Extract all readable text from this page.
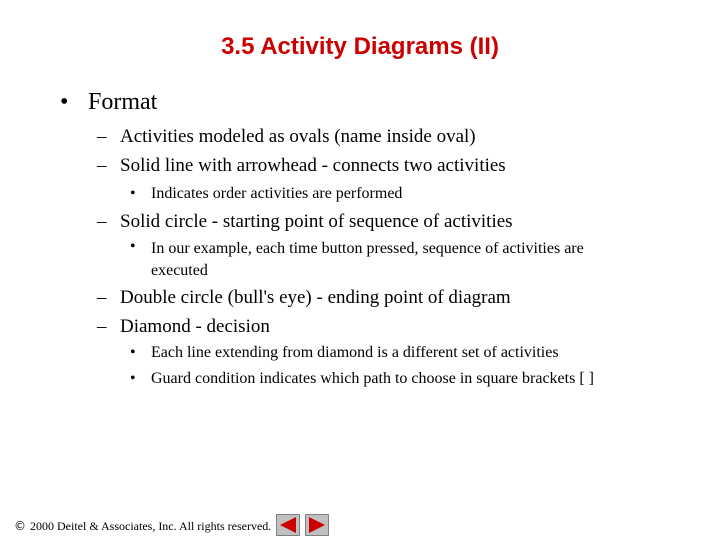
3.5 Activity Diagrams (II)
• Format
– Activities modeled as ovals (name inside oval)
– Solid line with arrowhead - connects two activities
• Indicates order activities are performed
– Solid circle - starting point of sequence of activities
• In our example, each time button pressed, sequence of activities are
executed
– Double circle (bull's eye) - ending point of diagram
– Diamond - decision
• Each line extending from diamond is a different set of activities
• Guard condition indicates which path to choose in square brackets [ ]
© 2000 Deitel & Associates, Inc. All rights reserved.
